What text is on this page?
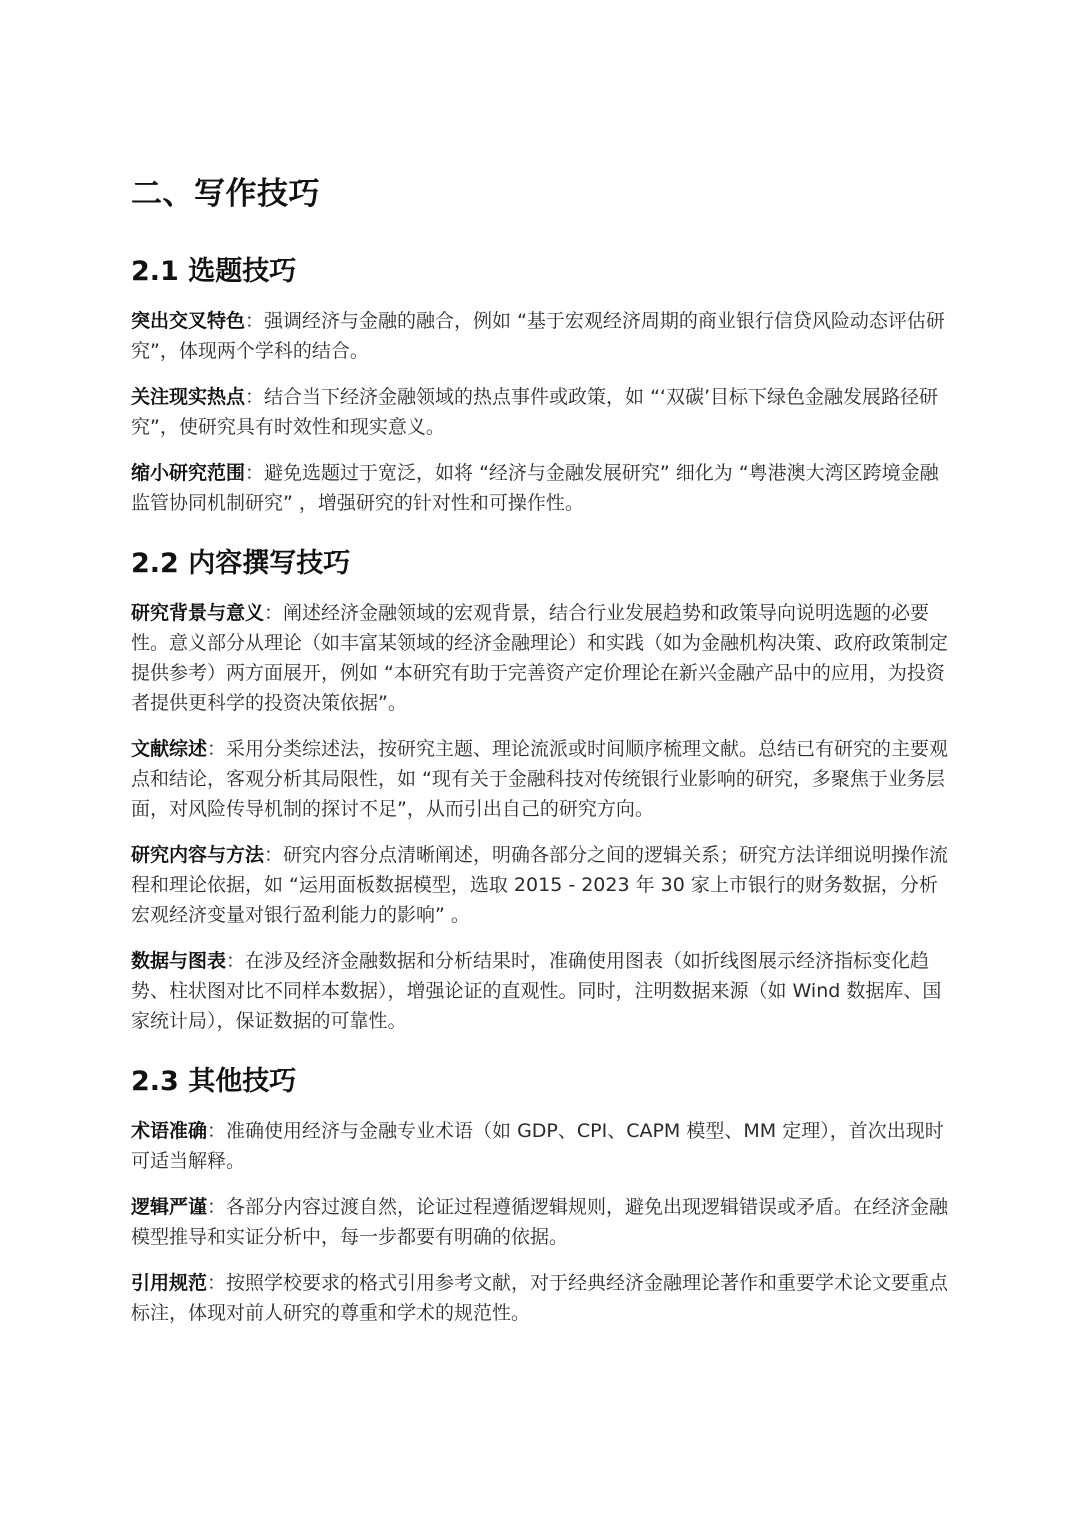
二、写作技巧
2.1 选题技巧

突出交叉特色：强调经济与金融的融合，例如 “基于宏观经济周期的商业银行信贷风险动态评估研究”，体现两个学科的结合。

关注现实热点：结合当下经济金融领域的热点事件或政策，如 “‘双碳’目标下绿色金融发展路径研究”，使研究具有时效性和现实意义。

缩小研究范围：避免选题过于宽泛，如将 “经济与金融发展研究” 细化为 “粤港澳大湾区跨境金融监管协同机制研究” ，增强研究的针对性和可操作性。

2.2 内容撰写技巧

研究背景与意义：阐述经济金融领域的宏观背景，结合行业发展趋势和政策导向说明选题的必要性。意义部分从理论（如丰富某领域的经济金融理论）和实践（如为金融机构决策、政府政策制定提供参考）两方面展开，例如 “本研究有助于完善资产定价理论在新兴金融产品中的应用，为投资者提供更科学的投资决策依据”。

文献综述：采用分类综述法，按研究主题、理论流派或时间顺序梳理文献。总结已有研究的主要观点和结论，客观分析其局限性，如 “现有关于金融科技对传统银行业影响的研究，多聚焦于业务层面，对风险传导机制的探讨不足”，从而引出自己的研究方向。

研究内容与方法：研究内容分点清晰阐述，明确各部分之间的逻辑关系；研究方法详细说明操作流程和理论依据，如 “运用面板数据模型，选取 2015 - 2023 年 30 家上市银行的财务数据，分析宏观经济变量对银行盈利能力的影响” 。

数据与图表：在涉及经济金融数据和分析结果时，准确使用图表（如折线图展示经济指标变化趋势、柱状图对比不同样本数据），增强论证的直观性。同时，注明数据来源（如 Wind 数据库、国家统计局），保证数据的可靠性。

2.3 其他技巧

术语准确：准确使用经济与金融专业术语（如 GDP、CPI、CAPM 模型、MM 定理），首次出现时可适当解释。

逻辑严谨：各部分内容过渡自然，论证过程遵循逻辑规则，避免出现逻辑错误或矛盾。在经济金融模型推导和实证分析中，每一步都要有明确的依据。

引用规范：按照学校要求的格式引用参考文献，对于经典经济金融理论著作和重要学术论文要重点标注，体现对前人研究的尊重和学术的规范性。
